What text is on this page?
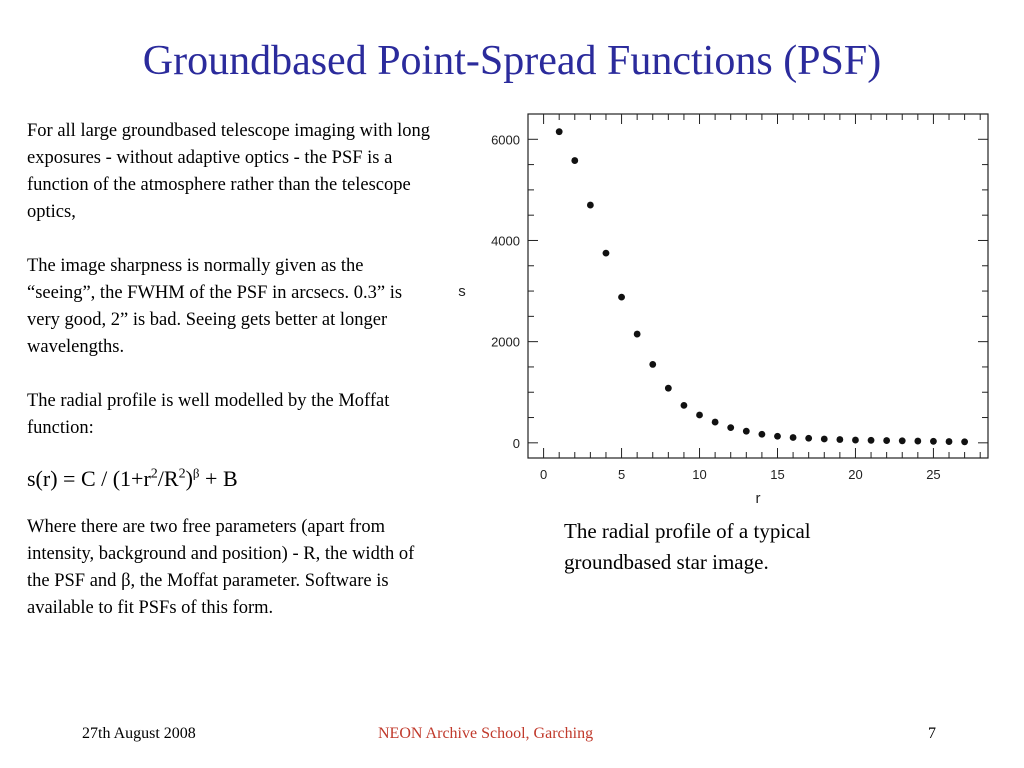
Groundbased Point-Spread Functions (PSF)

For all large groundbased telescope imaging with long exposures - without adaptive optics - the PSF is a function of the atmosphere rather than the telescope optics,

The image sharpness is normally given as the “seeing”, the FWHM of the PSF in arcsecs. 0.3” is very good, 2” is bad. Seeing gets better at longer wavelengths.

The radial profile is well modelled by the Moffat function:

$s(r) = C / (1+r^2/R^2)^\beta + B$

Where there are two free parameters (apart from intensity, background and position) - R, the width of the PSF and β, the Moffat parameter. Software is available to fit PSFs of this form.

0	5	10	15	20	25
0
2000
4000
6000
r
s
The radial profile of a typical groundbased star image.
27th August 2008	NEON Archive School, Garching	7
